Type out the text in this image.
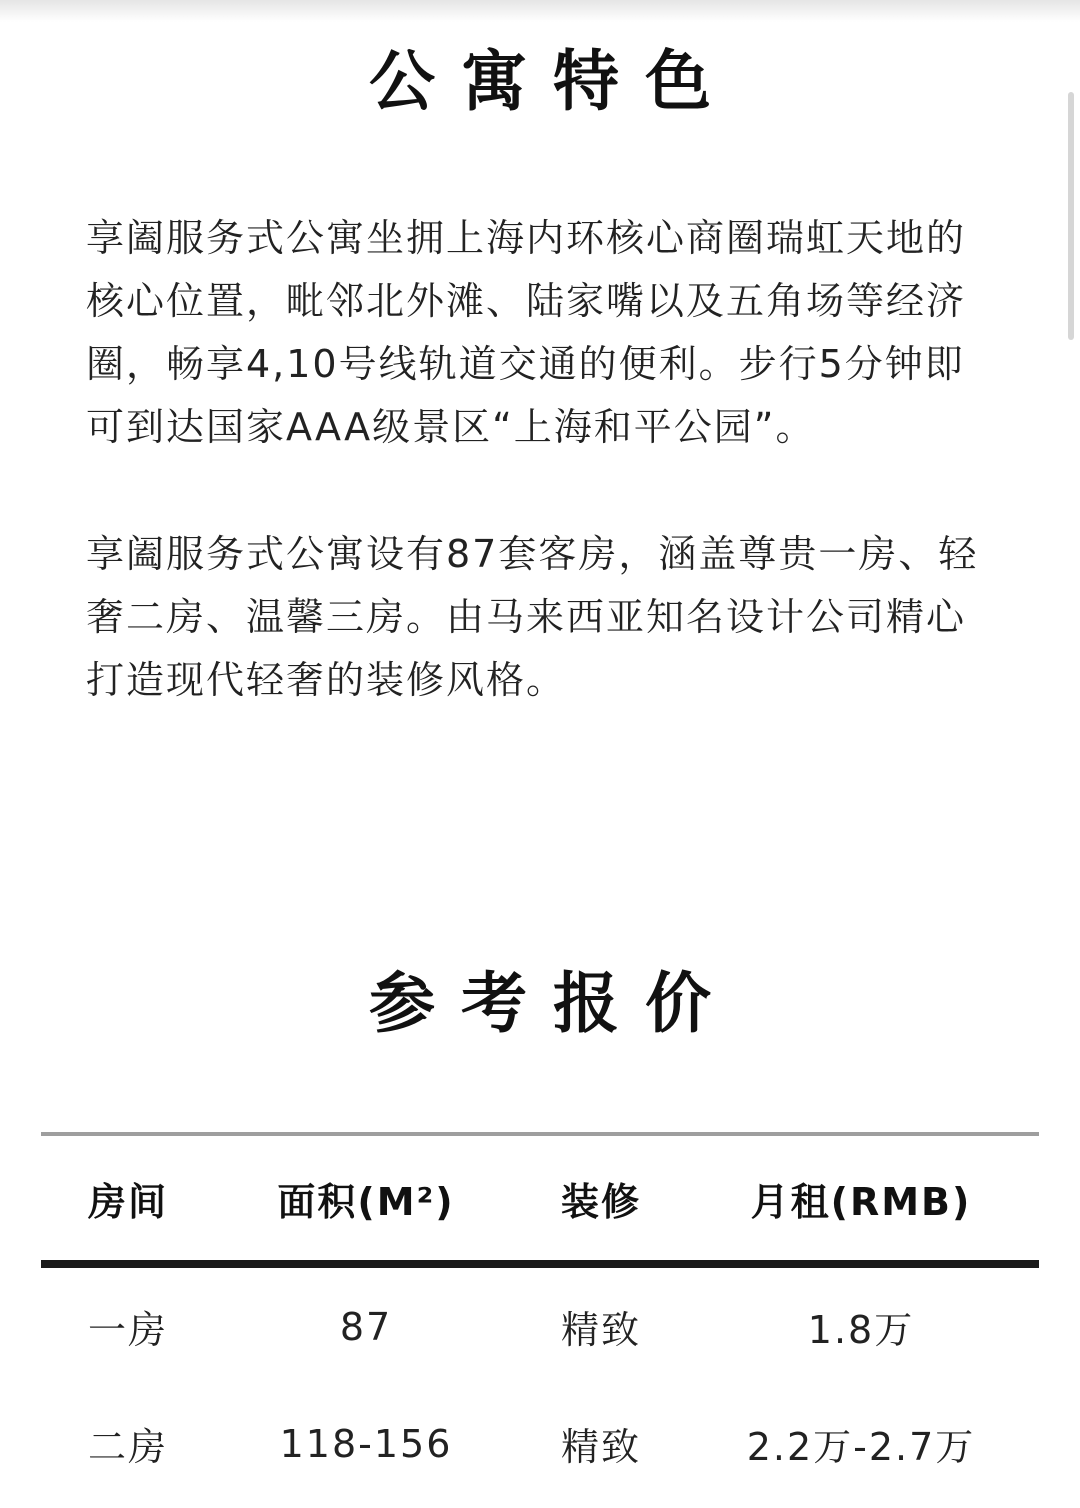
公寓特色

享阖服务式公寓坐拥上海内环核心商圈瑞虹天地的核心位置，毗邻北外滩、陆家嘴以及五角场等经济圈，畅享4,10号线轨道交通的便利。步行5分钟即可到达国家AAA级景区“上海和平公园”。

享阖服务式公寓设有87套客房，涵盖尊贵一房、轻奢二房、温馨三房。由马来西亚知名设计公司精心打造现代轻奢的装修风格。

参考报价
房间	面积(M²)	装修	月租(RMB)
一房	87	精致	1.8万
二房	118-156	精致	2.2万-2.7万
